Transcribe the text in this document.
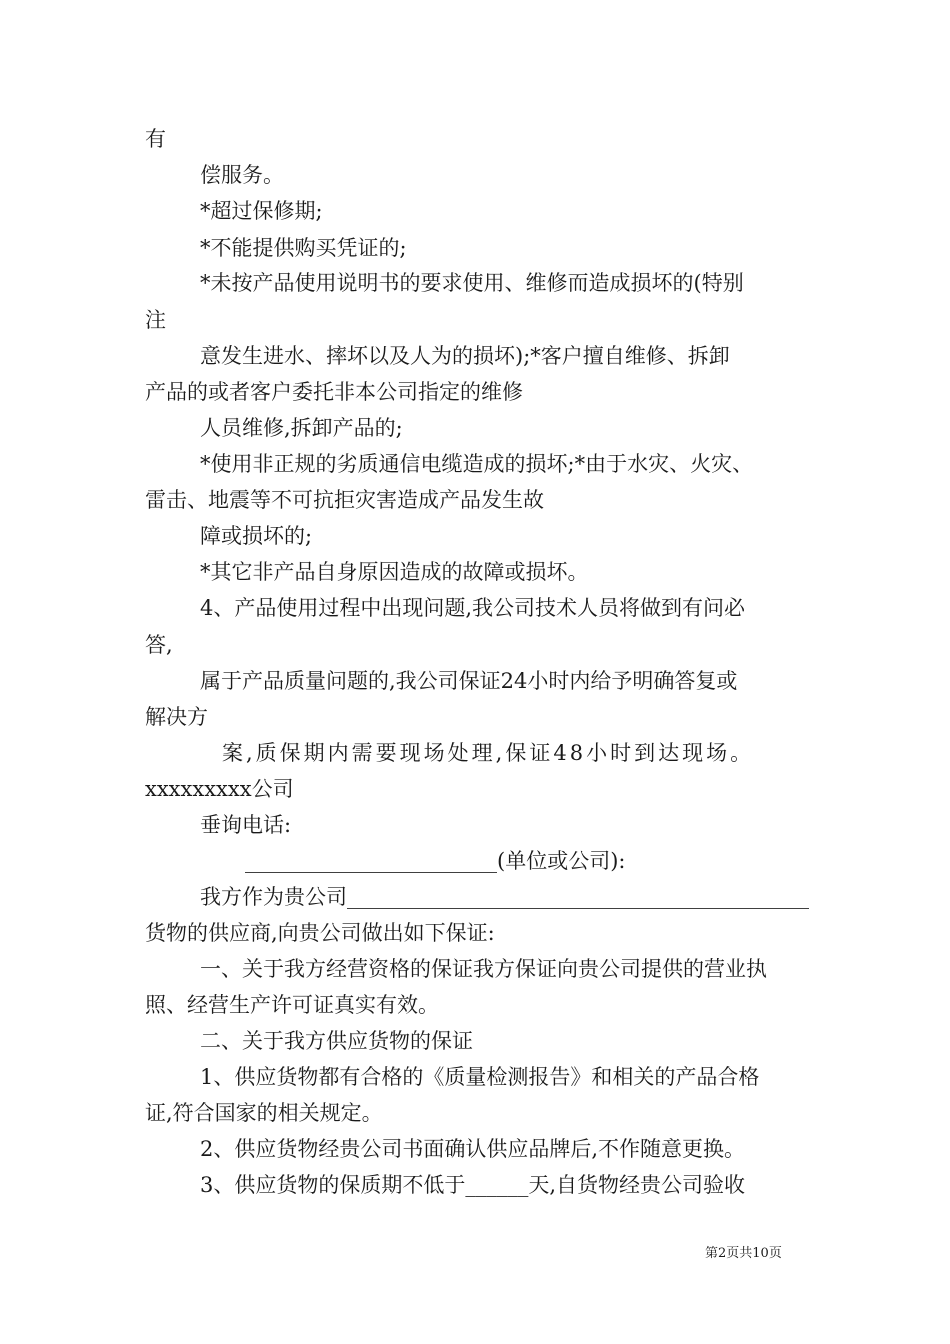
有
偿服务。
*超过保修期;
*不能提供购买凭证的;
*未按产品使用说明书的要求使用、维修而造成损坏的(特别
注
意发生进水、摔坏以及人为的损坏);*客户擅自维修、拆卸
产品的或者客户委托非本公司指定的维修
人员维修,拆卸产品的;
*使用非正规的劣质通信电缆造成的损坏;*由于水灾、火灾、
雷击、地震等不可抗拒灾害造成产品发生故
障或损坏的;
*其它非产品自身原因造成的故障或损坏。
4、产品使用过程中出现问题,我公司技术人员将做到有问必
答,
属于产品质量问题的,我公司保证24小时内给予明确答复或
解决方
案,质保期内需要现场处理,保证48小时到达现场。
xxxxxxxxx公司
垂询电话:
________________________(单位或公司):
我方作为贵公司____________________________________________
货物的供应商,向贵公司做出如下保证:
一、关于我方经营资格的保证我方保证向贵公司提供的营业执
照、经营生产许可证真实有效。
二、关于我方供应货物的保证
1、供应货物都有合格的《质量检测报告》和相关的产品合格
证,符合国家的相关规定。
2、供应货物经贵公司书面确认供应品牌后,不作随意更换。
3、供应货物的保质期不低于______天,自货物经贵公司验收
第2页共10页
